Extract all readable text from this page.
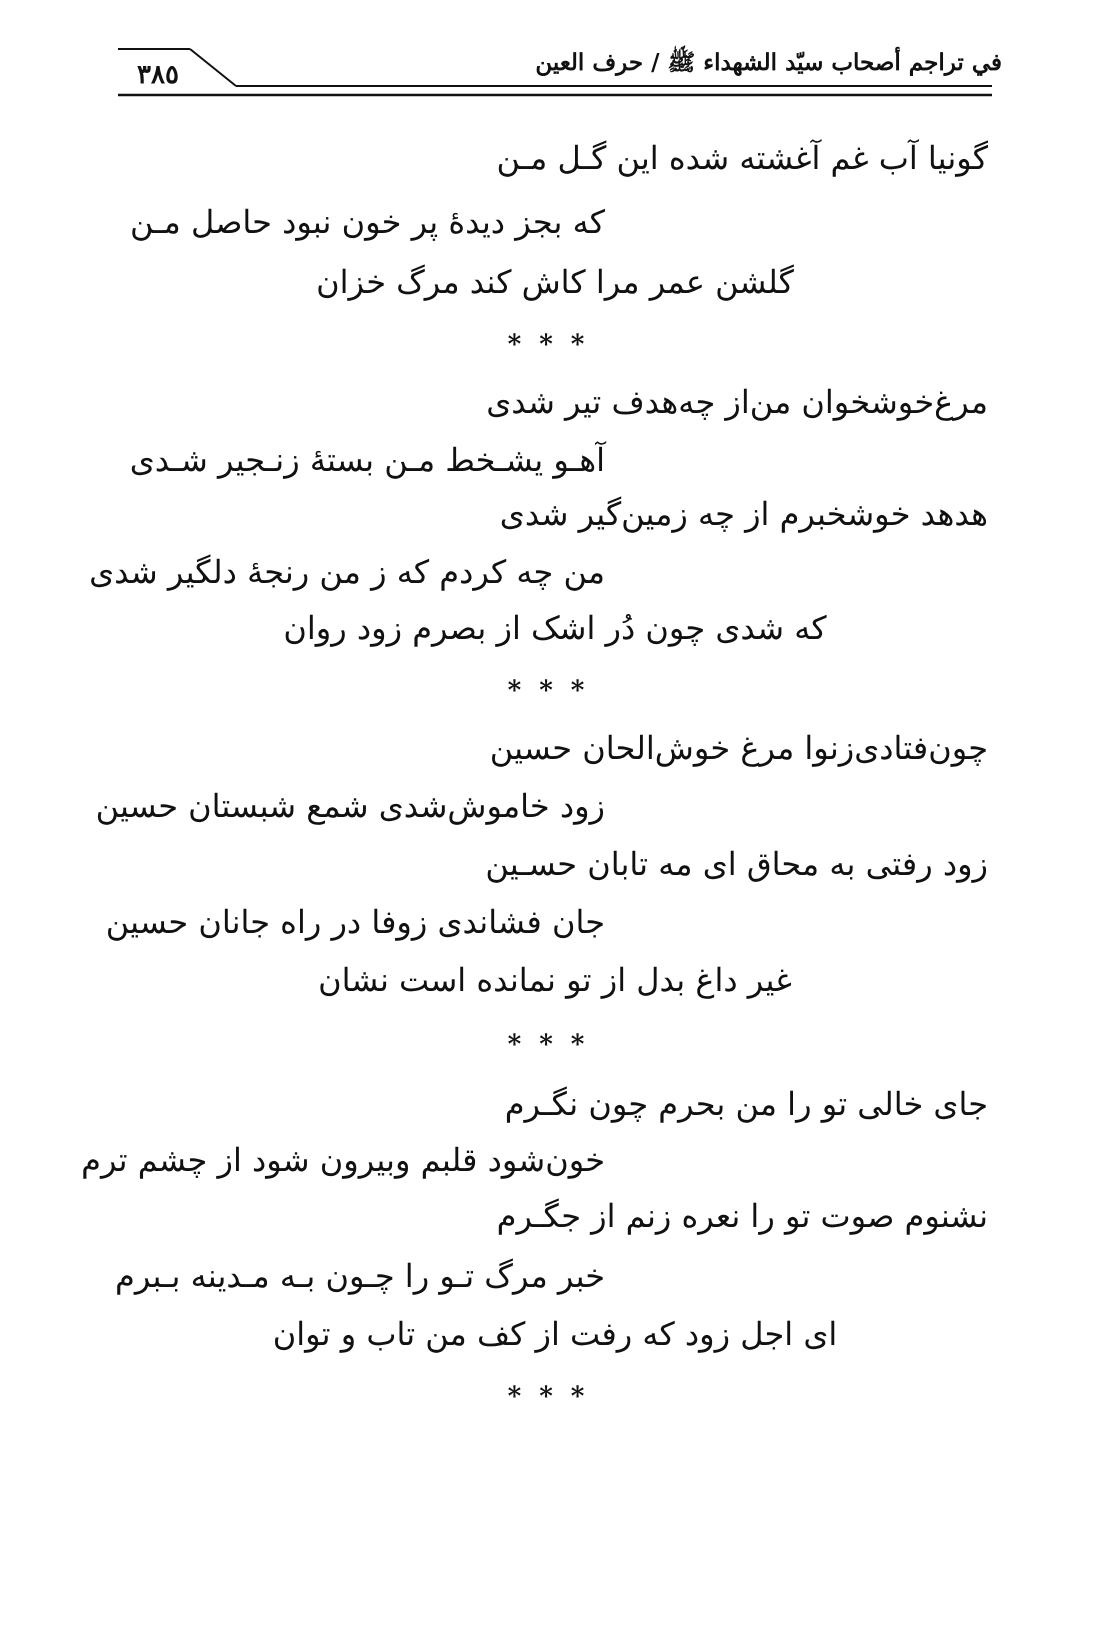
٣٨٥	في تراجم أصحاب سيّد الشهداء ﷺ / حرف العين
گونیا آب غم آغشته شده این گـل مـن
که بجز دیدهٔ پر خون نبود حاصل مـن
گلشن عمر مرا کاش کند مرگ خزان
***
مرغ‌خوشخوان من‌از چه‌هدف تیر شدی
آهـو یشـخط مـن بستهٔ زنـجیر شـدی
هدهد خوشخبرم از چه زمین‌گیر شدی
من چه کردم که ز من رنجهٔ دلگیر شدی
که شدی چون دُر اشک از بصرم زود روان
***
چون‌فتادی‌زنوا مرغ خوش‌الحان حسین
زود خاموش‌شدی شمع شبستان حسین
زود رفتی به محاق ای مه تابان حسـین
جان فشاندی زوفا در راه جانان حسین
غیر داغ بدل از تو نمانده است نشان
***
جای خالی تو را من بحرم چون نگـرم
خون‌شود قلبم وبیرون شود از چشم ترم
نشنوم صوت تو را نعره زنم از جگـرم
خبر مرگ تـو را چـون بـه مـدینه بـبرم
ای اجل زود که رفت از کف من تاب و توان
***
